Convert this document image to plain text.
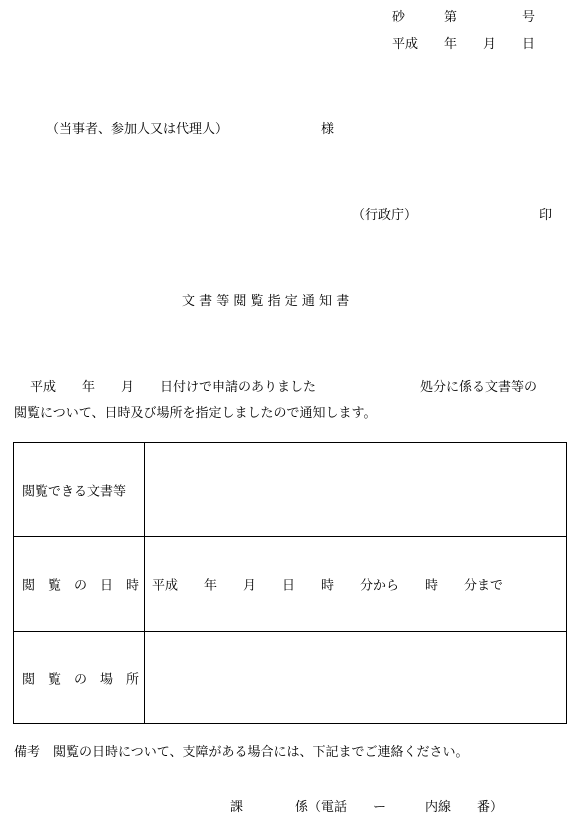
砂　　　第　　　　　号
平成　　年　　月　　日
（当事者、参加人又は代理人）	様
（行政庁）	印
文 書 等 閲 覧 指 定 通 知 書
平成　　年　　月　　日付けで申請のありました　　　　　　　　処分に係る文書等の
閲覧について、日時及び場所を指定しましたので通知します。
閲覧できる文書等
閲　覧　の　日　時 平成　　年　　月　　日　　時　　分から　　時　　分まで
閲　覧　の　場　所
備考　閲覧の日時について、支障がある場合には、下記までご連絡ください。
課　　　　係（電話　　ー　　　内線　　番）
